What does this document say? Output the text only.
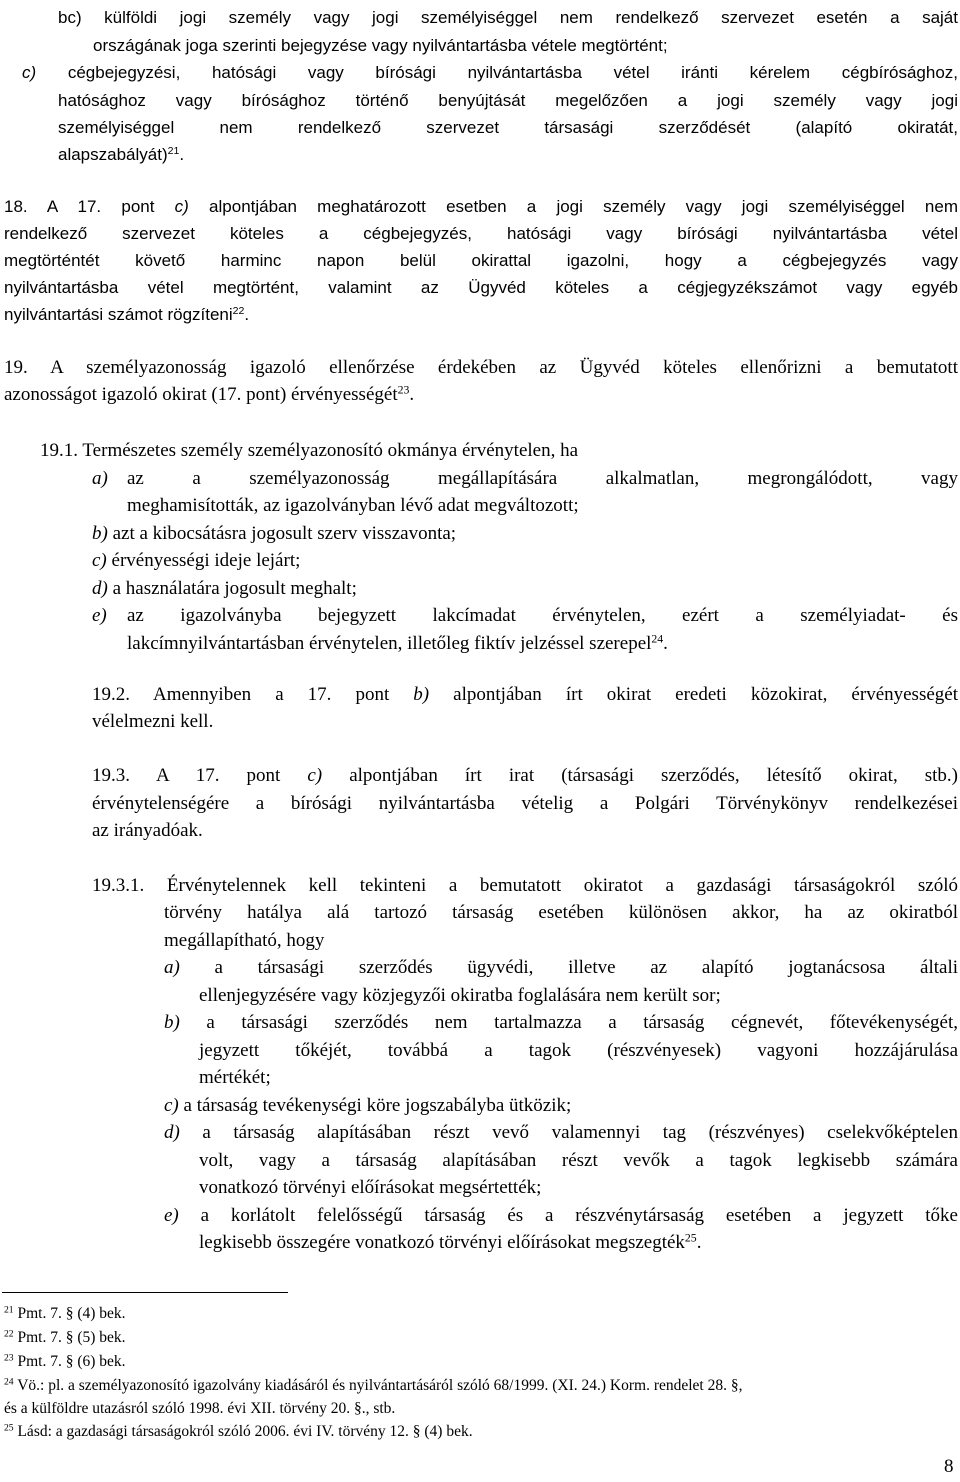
bc) külföldi jogi személy vagy jogi személyiséggel nem rendelkező szervezet esetén a saját
országának joga szerinti bejegyzése vagy nyilvántartásba vétele megtörtént;
c) cégbejegyzési, hatósági vagy bírósági nyilvántartásba vétel iránti kérelem cégbírósághoz,
hatósághoz vagy bírósághoz történő benyújtását megelőzően a jogi személy vagy jogi
személyiséggel nem rendelkező szervezet társasági szerződését (alapító okiratát,
alapszabályát)$^{21}$.
18. A 17. pont c) alpontjában meghatározott esetben a jogi személy vagy jogi személyiséggel nem
rendelkező szervezet köteles a cégbejegyzés, hatósági vagy bírósági nyilvántartásba vétel
megtörténtét követő harminc napon belül okirattal igazolni, hogy a cégbejegyzés vagy
nyilvántartásba vétel megtörtént, valamint az Ügyvéd köteles a cégjegyzékszámot vagy egyéb
nyilvántartási számot rögzíteni$^{22}$.
19. A személyazonosság igazoló ellenőrzése érdekében az Ügyvéd köteles ellenőrizni a bemutatott
azonosságot igazoló okirat (17. pont) érvényességét$^{23}$.
19.1. Természetes személy személyazonosító okmánya érvénytelen, ha
a) az a személyazonosság megállapítására alkalmatlan, megrongálódott, vagy
meghamisították, az igazolványban lévő adat megváltozott;
b) azt a kibocsátásra jogosult szerv visszavonta;
c) érvényességi ideje lejárt;
d) a használatára jogosult meghalt;
e) az igazolványba bejegyzett lakcímadat érvénytelen, ezért a személyiadat- és
lakcímnyilvántartásban érvénytelen, illetőleg fiktív jelzéssel szerepel$^{24}$.
19.2. Amennyiben a 17. pont b) alpontjában írt okirat eredeti közokirat, érvényességét
vélelmezni kell.
19.3. A 17. pont c) alpontjában írt irat (társasági szerződés, létesítő okirat, stb.)
érvénytelenségére a bírósági nyilvántartásba vételig a Polgári Törvénykönyv rendelkezései
az irányadóak.
19.3.1. Érvénytelennek kell tekinteni a bemutatott okiratot a gazdasági társaságokról szóló
törvény hatálya alá tartozó társaság esetében különösen akkor, ha az okiratból
megállapítható, hogy
a) a társasági szerződés ügyvédi, illetve az alapító jogtanácsosa általi
ellenjegyzésére vagy közjegyzői okiratba foglalására nem került sor;
b) a társasági szerződés nem tartalmazza a társaság cégnevét, főtevékenységét,
jegyzett tőkéjét, továbbá a tagok (részvényesek) vagyoni hozzájárulása
mértékét;
c) a társaság tevékenységi köre jogszabályba ütközik;
d) a társaság alapításában részt vevő valamennyi tag (részvényes) cselekvőképtelen
volt, vagy a társaság alapításában részt vevők a tagok legkisebb számára
vonatkozó törvényi előírásokat megsértették;
e) a korlátolt felelősségű társaság és a részvénytársaság esetében a jegyzett tőke
legkisebb összegére vonatkozó törvényi előírásokat megszegték$^{25}$.
$^{21}$ Pmt. 7. § (4) bek.
$^{22}$ Pmt. 7. § (5) bek.
$^{23}$ Pmt. 7. § (6) bek.
$^{24}$ Vö.: pl. a személyazonosító igazolvány kiadásáról és nyilvántartásáról szóló 68/1999. (XI. 24.) Korm. rendelet 28. §,
és a külföldre utazásról szóló 1998. évi XII. törvény 20. §., stb.
$^{25}$ Lásd: a gazdasági társaságokról szóló 2006. évi IV. törvény 12. § (4) bek.
8
